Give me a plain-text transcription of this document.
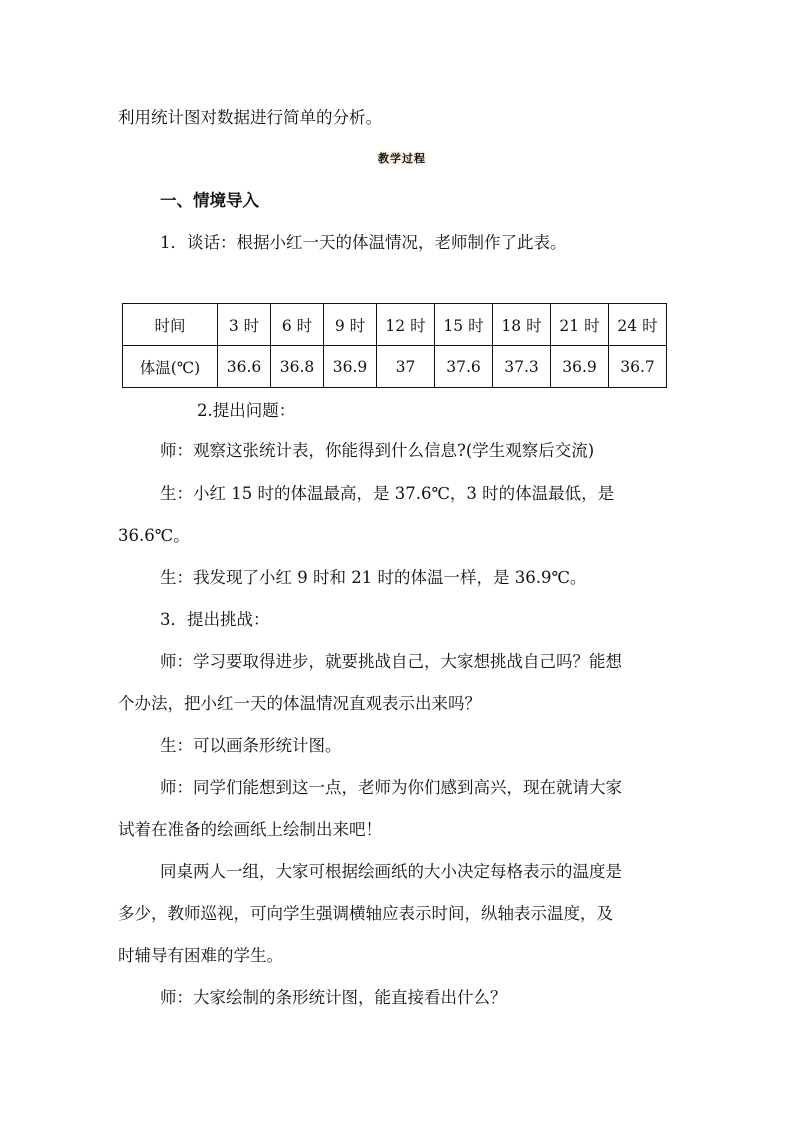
利用统计图对数据进行简单的分析。
教学过程
一、情境导入
1．谈话：根据小红一天的体温情况，老师制作了此表。
时间	3 时	6 时	9 时	12 时	15 时	18 时	21 时	24 时
体温(℃)	36.6	36.8	36.9	37	37.6	37.3	36.9	36.7
2.提出问题：
师：观察这张统计表，你能得到什么信息?(学生观察后交流)
生：小红 15 时的体温最高，是 37.6℃，3 时的体温最低，是
36.6℃。
生：我发现了小红 9 时和 21 时的体温一样，是 36.9℃。
3．提出挑战：
师：学习要取得进步，就要挑战自己，大家想挑战自己吗？能想
个办法，把小红一天的体温情况直观表示出来吗？
生：可以画条形统计图。
师：同学们能想到这一点，老师为你们感到高兴，现在就请大家
试着在准备的绘画纸上绘制出来吧！
同桌两人一组，大家可根据绘画纸的大小决定每格表示的温度是
多少，教师巡视，可向学生强调横轴应表示时间，纵轴表示温度，及
时辅导有困难的学生。
师：大家绘制的条形统计图，能直接看出什么？
